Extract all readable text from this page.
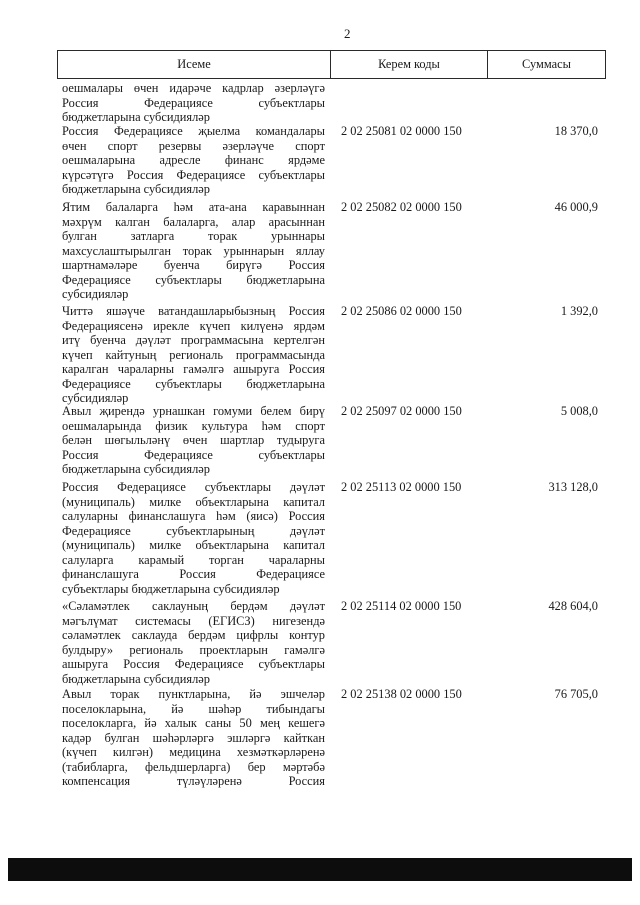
2
Исеме	Керем коды	Суммасы
оешмалары өчен идарәче кадрлар әзерләүгә
Россия Федерациясе субъектлары
бюджетларына субсидияләр
Россия Федерациясе җыелма командалары
өчен спорт резервы әзерләүче спорт
оешмаларына адресле финанс ярдәме
күрсәтүгә Россия Федерациясе субъектлары
бюджетларына субсидияләр
2 02 25081 02 0000 150	18 370,0
Ятим балаларга һәм ата-ана каравыннан
мәхрүм калган балаларга, алар арасыннан
булган затларга торак урыннары
махсуслаштырылган торак урыннарын яллау
шартнамәләре буенча бирүгә Россия
Федерациясе субъектлары бюджетларына
субсидияләр
2 02 25082 02 0000 150	46 000,9
Читтә яшәүче ватандашларыбызның Россия
Федерациясенә ирекле күчеп килүенә ярдәм
итү буенча дәүләт программасына кертелгән
күчеп кайтуның региональ программасында
каралган чараларны гамәлгә ашыруга Россия
Федерациясе субъектлары бюджетларына
субсидияләр
2 02 25086 02 0000 150	1 392,0
Авыл җирендә урнашкан гомуми белем бирү
оешмаларында физик культура һәм спорт
белән шөгыльләнү өчен шартлар тудыруга
Россия Федерациясе субъектлары
бюджетларына субсидияләр
2 02 25097 02 0000 150	5 008,0
Россия Федерациясе субъектлары дәүләт
(муниципаль) милке объектларына капитал
салуларны финанслашуга һәм (яисә) Россия
Федерациясе субъектларының дәүләт
(муниципаль) милке объектларына капитал
салуларга карамый торган чараларны
финанслашуга Россия Федерациясе
субъектлары бюджетларына субсидияләр
2 02 25113 02 0000 150	313 128,0
«Сәламәтлек саклауның бердәм дәүләт
мәгълүмат системасы (ЕГИСЗ) нигезендә
сәламәтлек саклауда бердәм цифрлы контур
булдыру» региональ проектларын гамәлгә
ашыруга Россия Федерациясе субъектлары
бюджетларына субсидияләр
2 02 25114 02 0000 150	428 604,0
Авыл торак пунктларына, йә эшчеләр
поселокларына, йә шәһәр тибындагы
поселокларга, йә халык саны 50 мең кешегә
кадәр булган шәһәрләргә эшләргә кайткан
(күчеп килгән) медицина хезмәткәрләренә
(табибларга, фельдшерларга) бер мәртәбә
компенсация түләүләренә Россия
2 02 25138 02 0000 150	76 705,0
